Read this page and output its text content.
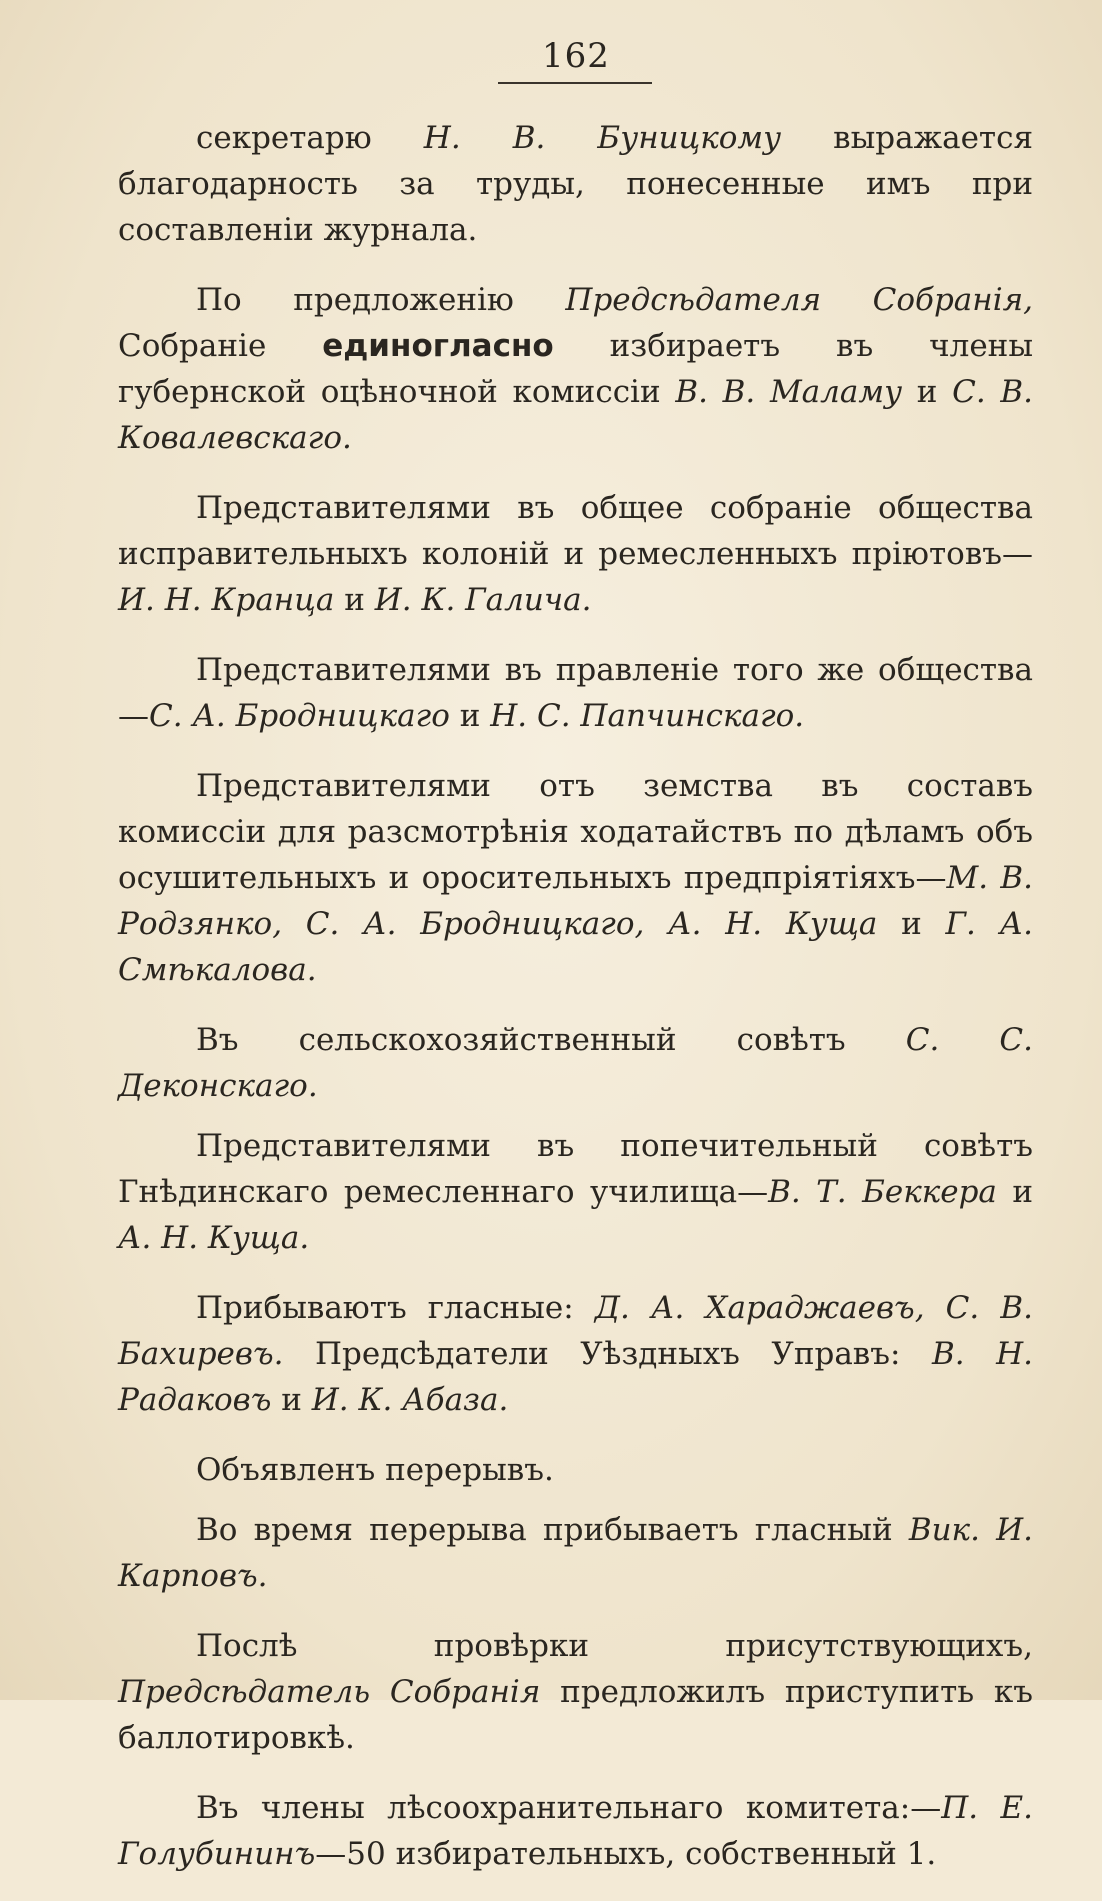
162

секретарю Н. В. Буницкому выражается благодарность за труды, понесенные имъ при составленіи журнала.

По предложенію Предсѣдателя Собранія, Собраніе единогласно избираетъ въ члены губернской оцѣночной комиссіи В. В. Маламу и С. В. Ковалевскаго.

Представителями въ общее собраніе общества исправительныхъ колоній и ремесленныхъ пріютовъ— И. Н. Кранца и И. К. Галича.

Представителями въ правленіе того же общества —С. А. Бродницкаго и Н. С. Папчинскаго.

Представителями отъ земства въ составъ комиссіи для разсмотрѣнія ходатайствъ по дѣламъ объ осушительныхъ и оросительныхъ предпріятіяхъ—М. В. Родзянко, С. А. Бродницкаго, А. Н. Куща и Г. А. Смѣкалова.

Въ сельскохозяйственный совѣтъ С. С. Деконскаго.

Представителями въ попечительный совѣтъ Гнѣдинскаго ремесленнаго училища—В. Т. Беккера и А. Н. Куща.

Прибываютъ гласные: Д. А. Хараджаевъ, С. В. Бахиревъ. Предсѣдатели Уѣздныхъ Управъ: В. Н. Радаковъ и И. К. Абаза.

Объявленъ перерывъ.

Во время перерыва прибываетъ гласный Вик. И. Карповъ.

Послѣ провѣрки присутствующихъ, Предсѣдатель Собранія предложилъ приступить къ баллотировкѣ.

Въ члены лѣсоохранительнаго комитета:—П. Е. Голубининъ—50 избирательныхъ, собственный 1.
